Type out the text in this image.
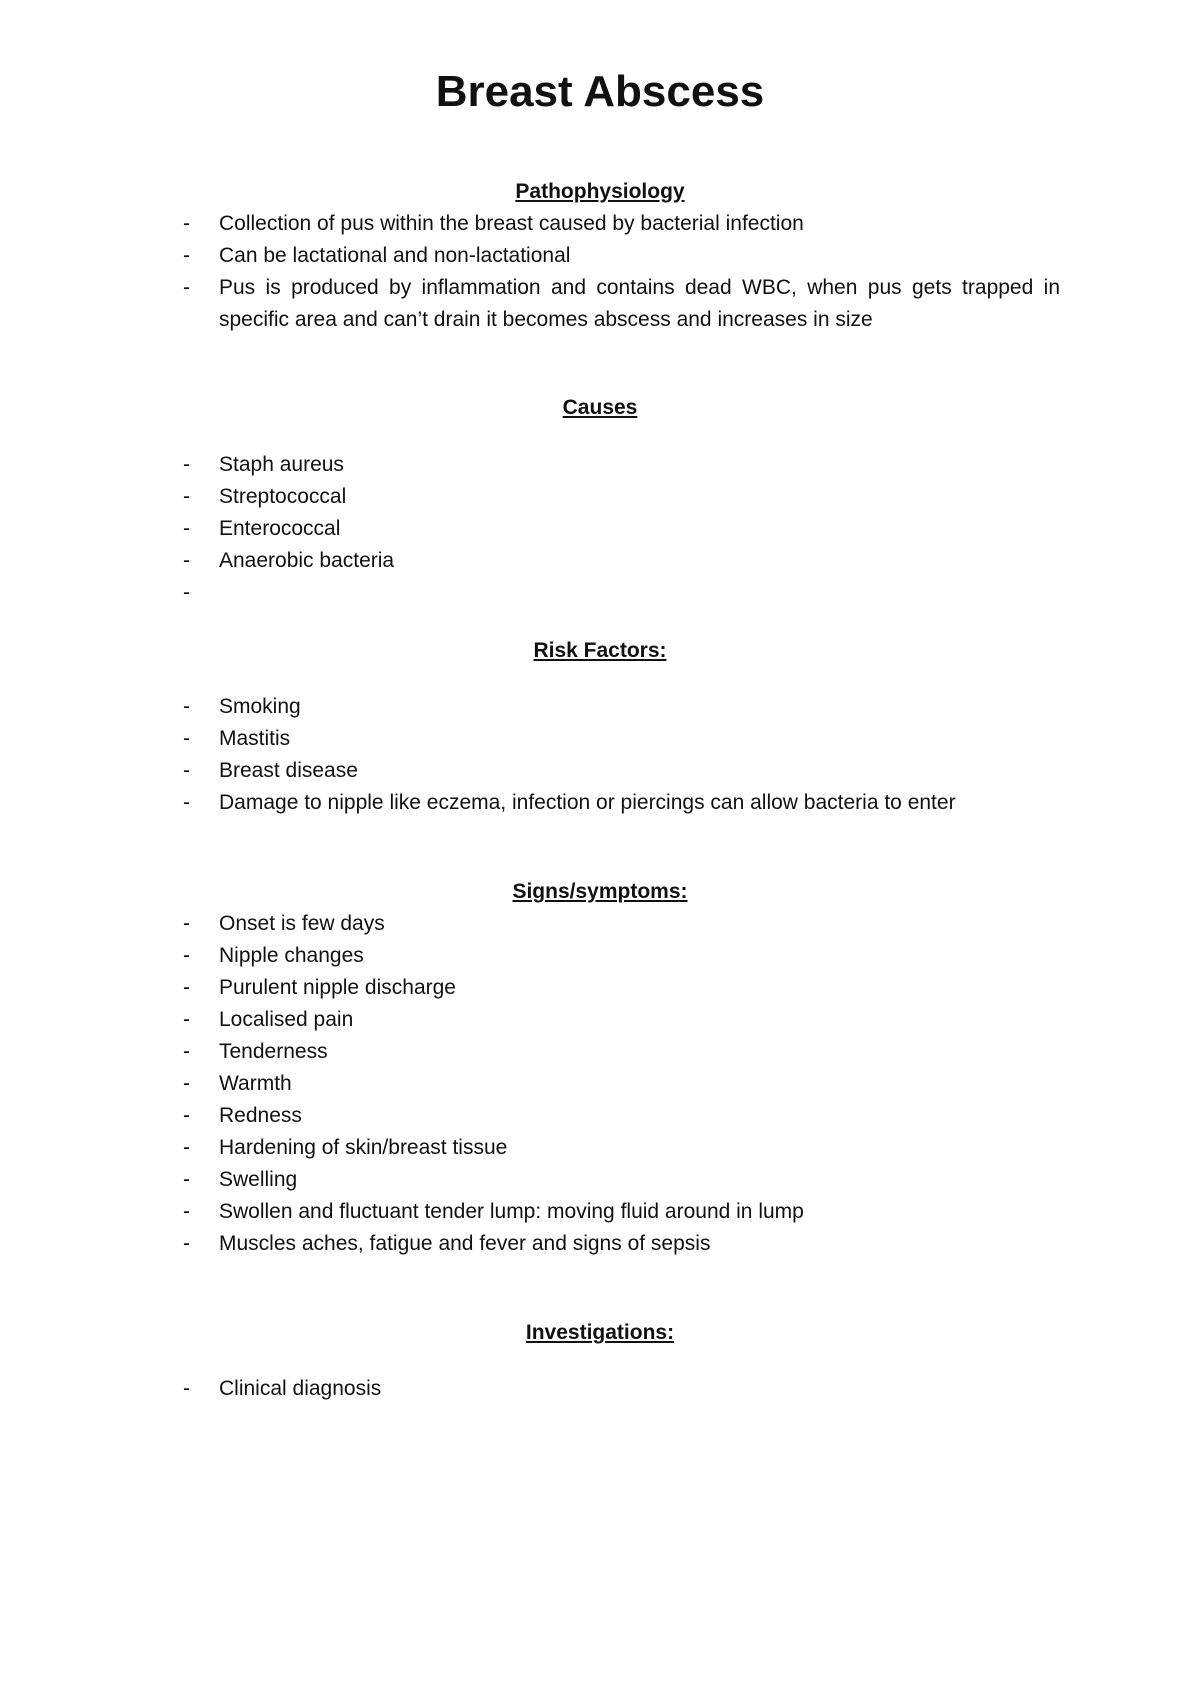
Breast Abscess
Pathophysiology
- Collection of pus within the breast caused by bacterial infection
- Can be lactational and non-lactational
- Pus is produced by inflammation and contains dead WBC, when pus gets trapped in specific area and can’t drain it becomes abscess and increases in size
Causes
- Staph aureus
- Streptococcal
- Enterococcal
- Anaerobic bacteria
-

Risk Factors:
- Smoking
- Mastitis
- Breast disease
- Damage to nipple like eczema, infection or piercings can allow bacteria to enter
Signs/symptoms:
- Onset is few days
- Nipple changes
- Purulent nipple discharge
- Localised pain
- Tenderness
- Warmth
- Redness
- Hardening of skin/breast tissue
- Swelling
- Swollen and fluctuant tender lump: moving fluid around in lump
- Muscles aches, fatigue and fever and signs of sepsis
Investigations:
- Clinical diagnosis
